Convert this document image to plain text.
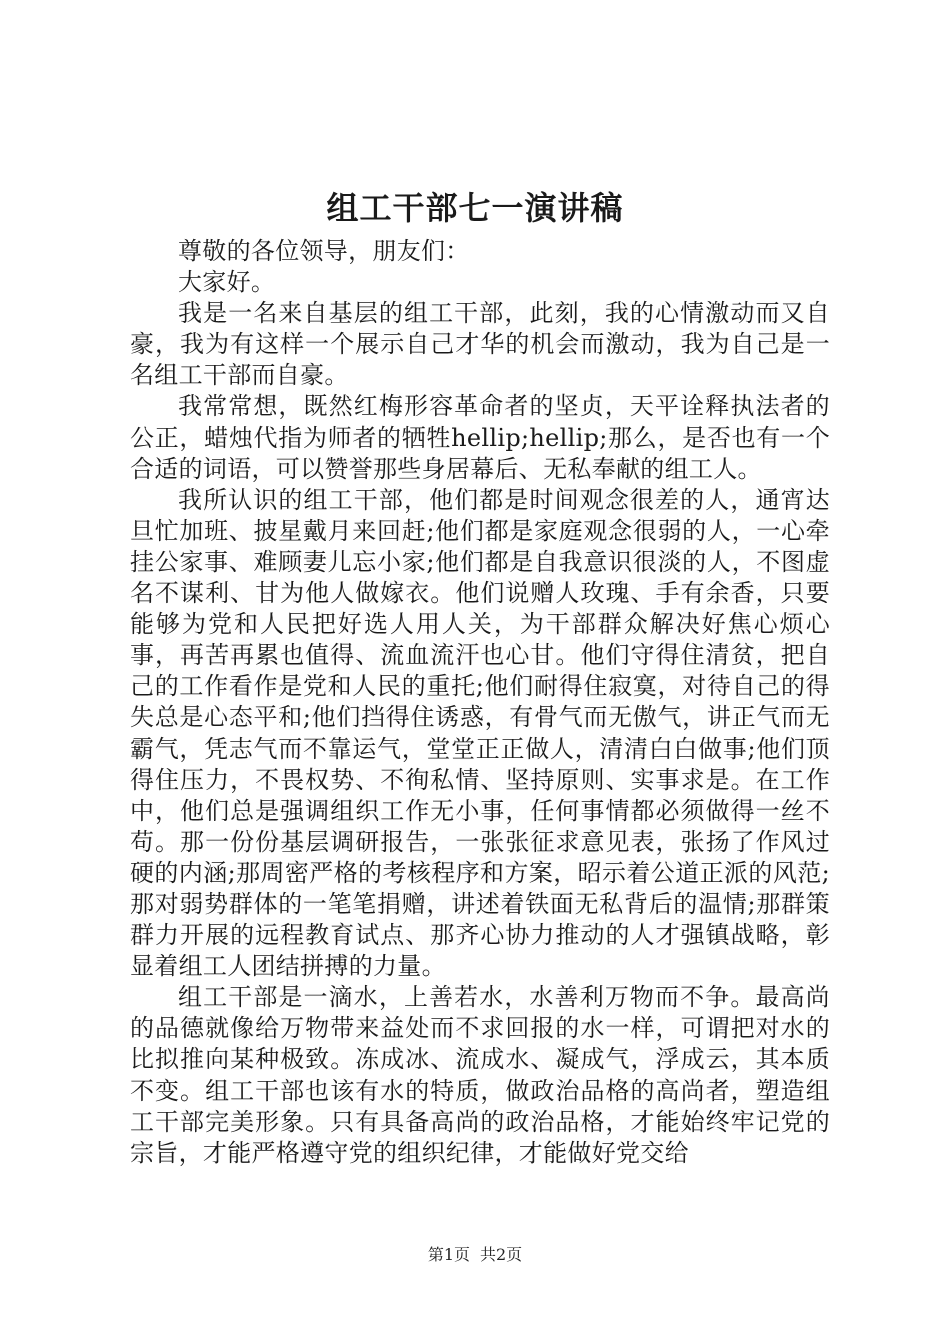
组工干部七一演讲稿

尊敬的各位领导，朋友们：

大家好。

我是一名来自基层的组工干部，此刻，我的心情激动而又自豪，我为有这样一个展示自己才华的机会而激动，我为自己是一名组工干部而自豪。

我常常想，既然红梅形容革命者的坚贞，天平诠释执法者的公正，蜡烛代指为师者的牺牲hellip;hellip;那么，是否也有一个合适的词语，可以赞誉那些身居幕后、无私奉献的组工人。

我所认识的组工干部，他们都是时间观念很差的人，通宵达旦忙加班、披星戴月来回赶;他们都是家庭观念很弱的人，一心牵挂公家事、难顾妻儿忘小家;他们都是自我意识很淡的人，不图虚名不谋利、甘为他人做嫁衣。他们说赠人玫瑰、手有余香，只要能够为党和人民把好选人用人关，为干部群众解决好焦心烦心事，再苦再累也值得、流血流汗也心甘。他们守得住清贫，把自己的工作看作是党和人民的重托;他们耐得住寂寞，对待自己的得失总是心态平和;他们挡得住诱惑，有骨气而无傲气，讲正气而无霸气，凭志气而不靠运气，堂堂正正做人，清清白白做事;他们顶得住压力，不畏权势、不徇私情、坚持原则、实事求是。在工作中，他们总是强调组织工作无小事，任何事情都必须做得一丝不苟。那一份份基层调研报告，一张张征求意见表，张扬了作风过硬的内涵;那周密严格的考核程序和方案，昭示着公道正派的风范;那对弱势群体的一笔笔捐赠，讲述着铁面无私背后的温情;那群策群力开展的远程教育试点、那齐心协力推动的人才强镇战略，彰显着组工人团结拼搏的力量。

组工干部是一滴水，上善若水，水善利万物而不争。最高尚的品德就像给万物带来益处而不求回报的水一样，可谓把对水的比拟推向某种极致。冻成冰、流成水、凝成气，浮成云，其本质不变。组工干部也该有水的特质，做政治品格的高尚者，塑造组工干部完美形象。只有具备高尚的政治品格，才能始终牢记党的宗旨，才能严格遵守党的组织纪律，才能做好党交给

第1页 共2页
